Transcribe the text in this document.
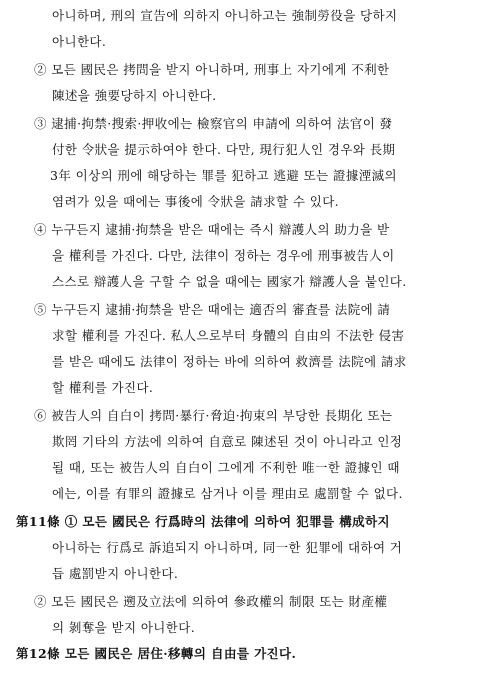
아니하며, 刑의 宣告에 의하지 아니하고는 強制勞役을 당하지
아니한다.
② 모든 國民은 拷問을 받지 아니하며, 刑事上 자기에게 不利한
陳述을 強要당하지 아니한다.
③ 逮捕·拘禁·搜索·押收에는 檢察官의 申請에 의하여 法官이 發
付한 令狀을 提示하여야 한다. 다만, 現行犯人인 경우와 長期
3年 이상의 刑에 해당하는 罪를 犯하고 逃避 또는 證據湮滅의
염려가 있을 때에는 事後에 令狀을 請求할 수 있다.
④ 누구든지 逮捕·拘禁을 받은 때에는 즉시 辯護人의 助力을 받
을 權利를 가진다. 다만, 法律이 정하는 경우에 刑事被告人이
스스로 辯護人을 구할 수 없을 때에는 國家가 辯護人을 붙인다.
⑤ 누구든지 逮捕·拘禁을 받은 때에는 適否의 審査를 法院에 請
求할 權利를 가진다. 私人으로부터 身體의 自由의 不法한 侵害
를 받은 때에도 法律이 정하는 바에 의하여 救濟를 法院에 請求
할 權利를 가진다.
⑥ 被告人의 自白이 拷問·暴行·脅迫·拘束의 부당한 長期化 또는
欺罔 기타의 方法에 의하여 自意로 陳述된 것이 아니라고 인정
될 때, 또는 被告人의 自白이 그에게 不利한 唯一한 證據인 때
에는, 이를 有罪의 證據로 삼거나 이를 理由로 處罰할 수 없다.
第11條 ① 모든 國民은 行爲時의 法律에 의하여 犯罪를 構成하지
아니하는 行爲로 訴追되지 아니하며, 同一한 犯罪에 대하여 거
듭 處罰받지 아니한다.
② 모든 國民은 遡及立法에 의하여 參政權의 制限 또는 財產權
의 剝奪을 받지 아니한다.
第12條 모든 國民은 居住·移轉의 自由를 가진다.
